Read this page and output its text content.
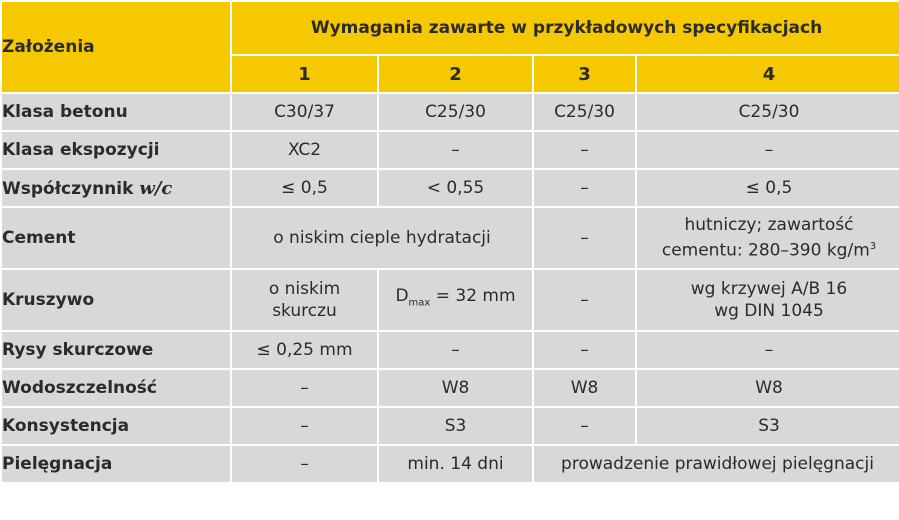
Założenia	Wymagania zawarte w przykładowych specyfikacjach			
	1	2	3	4
Klasa betonu	C30/37	C25/30	C25/30	C25/30
Klasa ekspozycji	XC2	–	–	–
Współczynnik w/c	≤ 0,5	< 0,55	–	≤ 0,5
Cement	o niskim cieple hydratacji		–	hutniczy; zawartość
cementu: 280–390 $kg/m^3$
Kruszywo	o niskim
skurczu	$D_{max} = 32$ mm	–	wg krzywej A/B 16
wg DIN 1045
Rysy skurczowe	≤ 0,25 mm	–	–	–
Wodoszczelność	–	W8	W8	W8
Konsystencja	–	S3	–	S3
Pielęgnacja	–	min. 14 dni	prowadzenie prawidłowej pielęgnacji	
